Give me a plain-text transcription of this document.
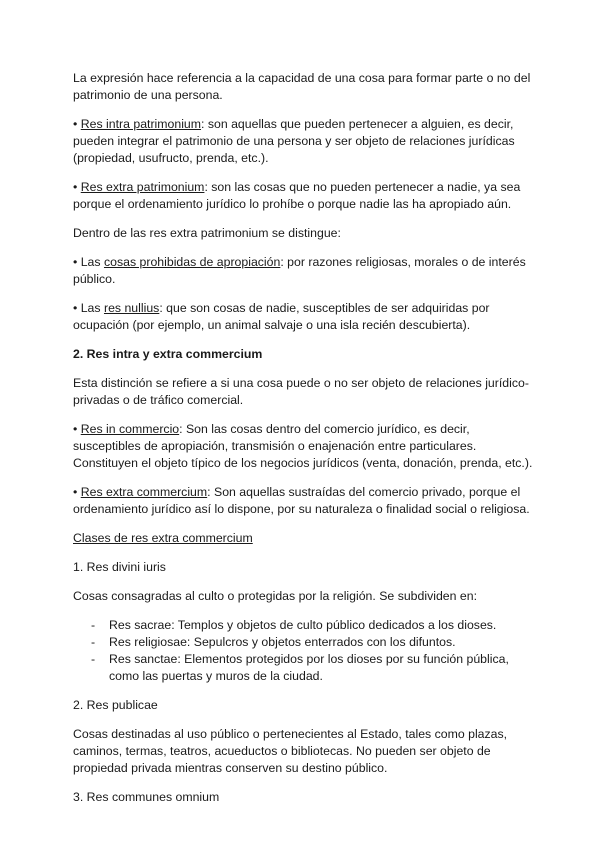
La expresión hace referencia a la capacidad de una cosa para formar parte o no del patrimonio de una persona.

• Res intra patrimonium: son aquellas que pueden pertenecer a alguien, es decir, pueden integrar el patrimonio de una persona y ser objeto de relaciones jurídicas (propiedad, usufructo, prenda, etc.).

• Res extra patrimonium: son las cosas que no pueden pertenecer a nadie, ya sea porque el ordenamiento jurídico lo prohíbe o porque nadie las ha apropiado aún.

Dentro de las res extra patrimonium se distingue:

• Las cosas prohibidas de apropiación: por razones religiosas, morales o de interés público.

• Las res nullius: que son cosas de nadie, susceptibles de ser adquiridas por ocupación (por ejemplo, un animal salvaje o una isla recién descubierta).

2. Res intra y extra commercium

Esta distinción se refiere a si una cosa puede o no ser objeto de relaciones jurídico-privadas o de tráfico comercial.

• Res in commercio: Son las cosas dentro del comercio jurídico, es decir, susceptibles de apropiación, transmisión o enajenación entre particulares. Constituyen el objeto típico de los negocios jurídicos (venta, donación, prenda, etc.).

• Res extra commercium: Son aquellas sustraídas del comercio privado, porque el ordenamiento jurídico así lo dispone, por su naturaleza o finalidad social o religiosa.

Clases de res extra commercium

1. Res divini iuris

Cosas consagradas al culto o protegidas por la religión. Se subdividen en:

- Res sacrae: Templos y objetos de culto público dedicados a los dioses.
- Res religiosae: Sepulcros y objetos enterrados con los difuntos.
- Res sanctae: Elementos protegidos por los dioses por su función pública, como las puertas y muros de la ciudad.

2. Res publicae

Cosas destinadas al uso público o pertenecientes al Estado, tales como plazas, caminos, termas, teatros, acueductos o bibliotecas. No pueden ser objeto de propiedad privada mientras conserven su destino público.

3. Res communes omnium
